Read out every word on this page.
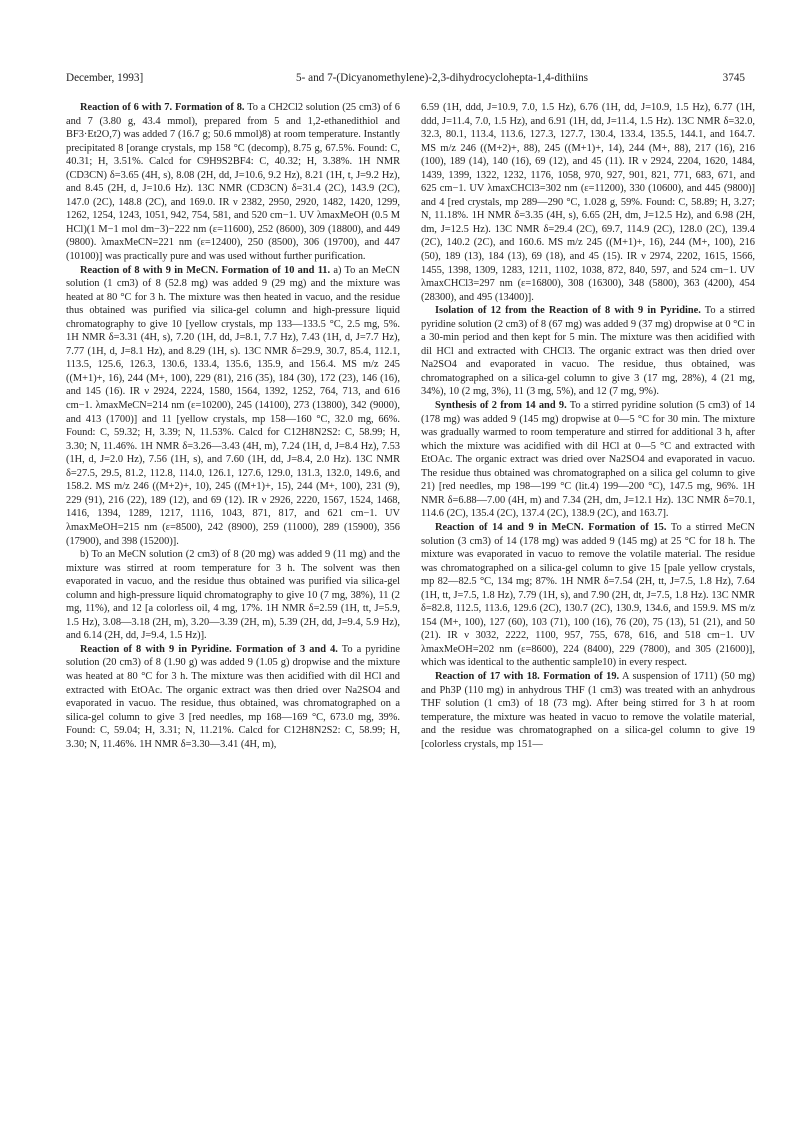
December, 1993]	5- and 7-(Dicyanomethylene)-2,3-dihydrocyclohepta-1,4-dithiins	3745

Reaction of 6 with 7. Formation of 8. To a CH2Cl2 solution (25 cm3) of 6 and 7 (3.80 g, 43.4 mmol), prepared from 5 and 1,2-ethanedithiol and BF3·Et2O,7) was added 7 (16.7 g; 50.6 mmol)8) at room temperature. Instantly precipitated 8 [orange crystals, mp 158 °C (decomp), 8.75 g, 67.5%. Found: C, 40.31; H, 3.51%. Calcd for C9H9S2BF4: C, 40.32; H, 3.38%. 1H NMR (CD3CN) δ=3.65 (4H, s), 8.08 (2H, dd, J=10.6, 9.2 Hz), 8.21 (1H, t, J=9.2 Hz), and 8.45 (2H, d, J=10.6 Hz). 13C NMR (CD3CN) δ=31.4 (2C), 143.9 (2C), 147.0 (2C), 148.8 (2C), and 169.0. IR ν 2382, 2950, 2920, 1482, 1420, 1299, 1262, 1254, 1243, 1051, 942, 754, 581, and 520 cm−1. UV λmaxMeOH (0.5 M HCl)(1 M−1 mol dm−3)−222 nm (ε=11600), 252 (8600), 309 (18800), and 449 (9800). λmaxMeCN=221 nm (ε=12400), 250 (8500), 306 (19700), and 447 (10100)] was practically pure and was used without further purification.

Reaction of 8 with 9 in MeCN. Formation of 10 and 11. a) To an MeCN solution (1 cm3) of 8 (52.8 mg) was added 9 (29 mg) and the mixture was heated at 80 °C for 3 h. The mixture was then heated in vacuo, and the residue thus obtained was purified via silica-gel column and high-pressure liquid chromatography to give 10 [yellow crystals, mp 133—133.5 °C, 2.5 mg, 5%. 1H NMR δ=3.31 (4H, s), 7.20 (1H, dd, J=8.1, 7.7 Hz), 7.43 (1H, d, J=7.7 Hz), 7.77 (1H, d, J=8.1 Hz), and 8.29 (1H, s). 13C NMR δ=29.9, 30.7, 85.4, 112.1, 113.5, 125.6, 126.3, 130.6, 133.4, 135.6, 135.9, and 156.4. MS m/z 245 ((M+1)+, 16), 244 (M+, 100), 229 (81), 216 (35), 184 (30), 172 (23), 146 (16), and 145 (16). IR ν 2924, 2224, 1580, 1564, 1392, 1252, 764, 713, and 616 cm−1. λmaxMeCN=214 nm (ε=10200), 245 (14100), 273 (13800), 342 (9000), and 413 (1700)] and 11 [yellow crystals, mp 158—160 °C, 32.0 mg, 66%. Found: C, 59.32; H, 3.39; N, 11.53%. Calcd for C12H8N2S2: C, 58.99; H, 3.30; N, 11.46%. 1H NMR δ=3.26—3.43 (4H, m), 7.24 (1H, d, J=8.4 Hz), 7.53 (1H, d, J=2.0 Hz), 7.56 (1H, s), and 7.60 (1H, dd, J=8.4, 2.0 Hz). 13C NMR δ=27.5, 29.5, 81.2, 112.8, 114.0, 126.1, 127.6, 129.0, 131.3, 132.0, 149.6, and 158.2. MS m/z 246 ((M+2)+, 10), 245 ((M+1)+, 15), 244 (M+, 100), 231 (9), 229 (91), 216 (22), 189 (12), and 69 (12). IR ν 2926, 2220, 1567, 1524, 1468, 1416, 1394, 1289, 1217, 1116, 1043, 871, 817, and 621 cm−1. UV λmaxMeOH=215 nm (ε=8500), 242 (8900), 259 (11000), 289 (15900), 356 (17900), and 398 (15200)].

b) To an MeCN solution (2 cm3) of 8 (20 mg) was added 9 (11 mg) and the mixture was stirred at room temperature for 3 h. The solvent was then evaporated in vacuo, and the residue thus obtained was purified via silica-gel column and high-pressure liquid chromatography to give 10 (7 mg, 38%), 11 (2 mg, 11%), and 12 [a colorless oil, 4 mg, 17%. 1H NMR δ=2.59 (1H, tt, J=5.9, 1.5 Hz), 3.08—3.18 (2H, m), 3.20—3.39 (2H, m), 5.39 (2H, dd, J=9.4, 5.9 Hz), and 6.14 (2H, dd, J=9.4, 1.5 Hz)].

Reaction of 8 with 9 in Pyridine. Formation of 3 and 4. To a pyridine solution (20 cm3) of 8 (1.90 g) was added 9 (1.05 g) dropwise and the mixture was heated at 80 °C for 3 h. The mixture was then acidified with dil HCl and extracted with EtOAc. The organic extract was then dried over Na2SO4 and evaporated in vacuo. The residue, thus obtained, was chromatographed on a silica-gel column to give 3 [red needles, mp 168—169 °C, 673.0 mg, 39%. Found: C, 59.04; H, 3.31; N, 11.21%. Calcd for C12H8N2S2: C, 58.99; H, 3.30; N, 11.46%. 1H NMR δ=3.30—3.41 (4H, m),

6.59 (1H, ddd, J=10.9, 7.0, 1.5 Hz), 6.76 (1H, dd, J=10.9, 1.5 Hz), 6.77 (1H, ddd, J=11.4, 7.0, 1.5 Hz), and 6.91 (1H, dd, J=11.4, 1.5 Hz). 13C NMR δ=32.0, 32.3, 80.1, 113.4, 113.6, 127.3, 127.7, 130.4, 133.4, 135.5, 144.1, and 164.7. MS m/z 246 ((M+2)+, 88), 245 ((M+1)+, 14), 244 (M+, 88), 217 (16), 216 (100), 189 (14), 140 (16), 69 (12), and 45 (11). IR ν 2924, 2204, 1620, 1484, 1439, 1399, 1322, 1232, 1176, 1058, 970, 927, 901, 821, 771, 683, 671, and 625 cm−1. UV λmaxCHCl3=302 nm (ε=11200), 330 (10600), and 445 (9800)] and 4 [red crystals, mp 289—290 °C, 1.028 g, 59%. Found: C, 58.89; H, 3.27; N, 11.18%. 1H NMR δ=3.35 (4H, s), 6.65 (2H, dm, J=12.5 Hz), and 6.98 (2H, dm, J=12.5 Hz). 13C NMR δ=29.4 (2C), 69.7, 114.9 (2C), 128.0 (2C), 139.4 (2C), 140.2 (2C), and 160.6. MS m/z 245 ((M+1)+, 16), 244 (M+, 100), 216 (50), 189 (13), 184 (13), 69 (18), and 45 (15). IR ν 2974, 2202, 1615, 1566, 1455, 1398, 1309, 1283, 1211, 1102, 1038, 872, 840, 597, and 524 cm−1. UV λmaxCHCl3=297 nm (ε=16800), 308 (16300), 348 (5800), 363 (4200), 454 (28300), and 495 (13400)].

Isolation of 12 from the Reaction of 8 with 9 in Pyridine. To a stirred pyridine solution (2 cm3) of 8 (67 mg) was added 9 (37 mg) dropwise at 0 °C in a 30-min period and then kept for 5 min. The mixture was then acidified with dil HCl and extracted with CHCl3. The organic extract was then dried over Na2SO4 and evaporated in vacuo. The residue, thus obtained, was chromatographed on a silica-gel column to give 3 (17 mg, 28%), 4 (21 mg, 34%), 10 (2 mg, 3%), 11 (3 mg, 5%), and 12 (7 mg, 9%).

Synthesis of 2 from 14 and 9. To a stirred pyridine solution (5 cm3) of 14 (178 mg) was added 9 (145 mg) dropwise at 0—5 °C for 30 min. The mixture was gradually warmed to room temperature and stirred for additional 3 h, after which the mixture was acidified with dil HCl at 0—5 °C and extracted with EtOAc. The organic extract was dried over Na2SO4 and evaporated in vacuo. The residue thus obtained was chromatographed on a silica gel column to give 21) [red needles, mp 198—199 °C (lit.4) 199—200 °C), 147.5 mg, 96%. 1H NMR δ=6.88—7.00 (4H, m) and 7.34 (2H, dm, J=12.1 Hz). 13C NMR δ=70.1, 114.6 (2C), 135.4 (2C), 137.4 (2C), 138.9 (2C), and 163.7].

Reaction of 14 and 9 in MeCN. Formation of 15. To a stirred MeCN solution (3 cm3) of 14 (178 mg) was added 9 (145 mg) at 25 °C for 18 h. The mixture was evaporated in vacuo to remove the volatile material. The residue was chromatographed on a silica-gel column to give 15 [pale yellow crystals, mp 82—82.5 °C, 134 mg; 87%. 1H NMR δ=7.54 (2H, tt, J=7.5, 1.8 Hz), 7.64 (1H, tt, J=7.5, 1.8 Hz), 7.79 (1H, s), and 7.90 (2H, dt, J=7.5, 1.8 Hz). 13C NMR δ=82.8, 112.5, 113.6, 129.6 (2C), 130.7 (2C), 130.9, 134.6, and 159.9. MS m/z 154 (M+, 100), 127 (60), 103 (71), 100 (16), 76 (20), 75 (13), 51 (21), and 50 (21). IR ν 3032, 2222, 1100, 957, 755, 678, 616, and 518 cm−1. UV λmaxMeOH=202 nm (ε=8600), 224 (8400), 229 (7800), and 305 (21600)], which was identical to the authentic sample10) in every respect.

Reaction of 17 with 18. Formation of 19. A suspension of 1711) (50 mg) and Ph3P (110 mg) in anhydrous THF (1 cm3) was treated with an anhydrous THF solution (1 cm3) of 18 (73 mg). After being stirred for 3 h at room temperature, the mixture was heated in vacuo to remove the volatile material, and the residue was chromatographed on a silica-gel column to give 19 [colorless crystals, mp 151—
